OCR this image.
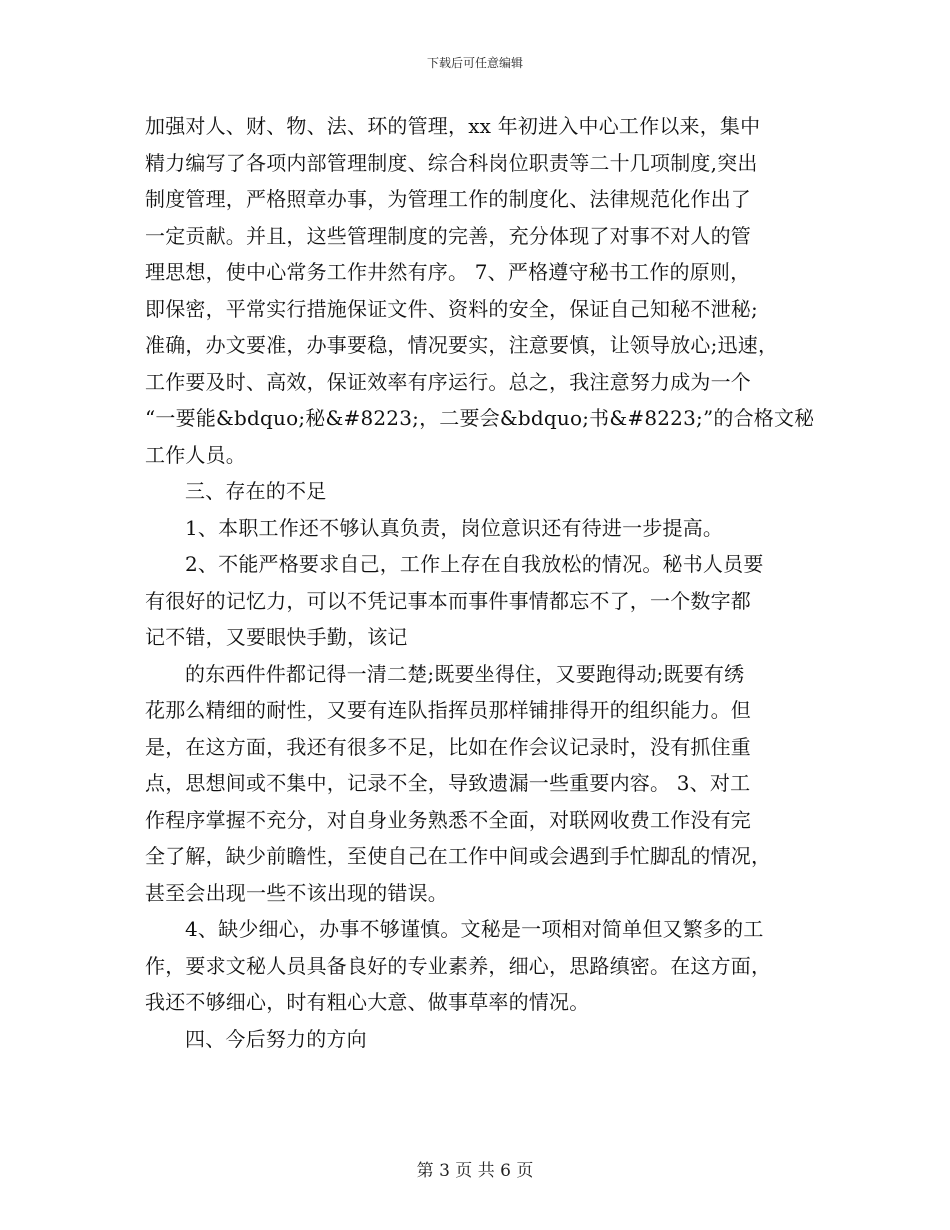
下载后可任意编辑

加强对人、财、物、法、环的管理，xx 年初进入中心工作以来，集中

精力编写了各项内部管理制度、综合科岗位职责等二十几项制度,突出

制度管理，严格照章办事，为管理工作的制度化、法律规范化作出了

一定贡献。并且，这些管理制度的完善，充分体现了对事不对人的管

理思想，使中心常务工作井然有序。 7、严格遵守秘书工作的原则，

即保密，平常实行措施保证文件、资料的安全，保证自己知秘不泄秘;

准确，办文要准，办事要稳，情况要实，注意要慎，让领导放心;迅速，

工作要及时、高效，保证效率有序运行。总之，我注意努力成为一个

“一要能&bdquo;秘&#8223;，二要会&bdquo;书&#8223;”的合格文秘

工作人员。

三、存在的不足

1、本职工作还不够认真负责，岗位意识还有待进一步提高。

2、不能严格要求自己，工作上存在自我放松的情况。秘书人员要

有很好的记忆力，可以不凭记事本而事件事情都忘不了，一个数字都

记不错，又要眼快手勤，该记

的东西件件都记得一清二楚;既要坐得住，又要跑得动;既要有绣

花那么精细的耐性，又要有连队指挥员那样铺排得开的组织能力。但

是，在这方面，我还有很多不足，比如在作会议记录时，没有抓住重

点，思想间或不集中，记录不全，导致遗漏一些重要内容。 3、对工

作程序掌握不充分，对自身业务熟悉不全面，对联网收费工作没有完

全了解，缺少前瞻性，至使自己在工作中间或会遇到手忙脚乱的情况，

甚至会出现一些不该出现的错误。

4、缺少细心，办事不够谨慎。文秘是一项相对简单但又繁多的工

作，要求文秘人员具备良好的专业素养，细心，思路缜密。在这方面，

我还不够细心，时有粗心大意、做事草率的情况。

四、今后努力的方向

第 3 页 共 6 页
